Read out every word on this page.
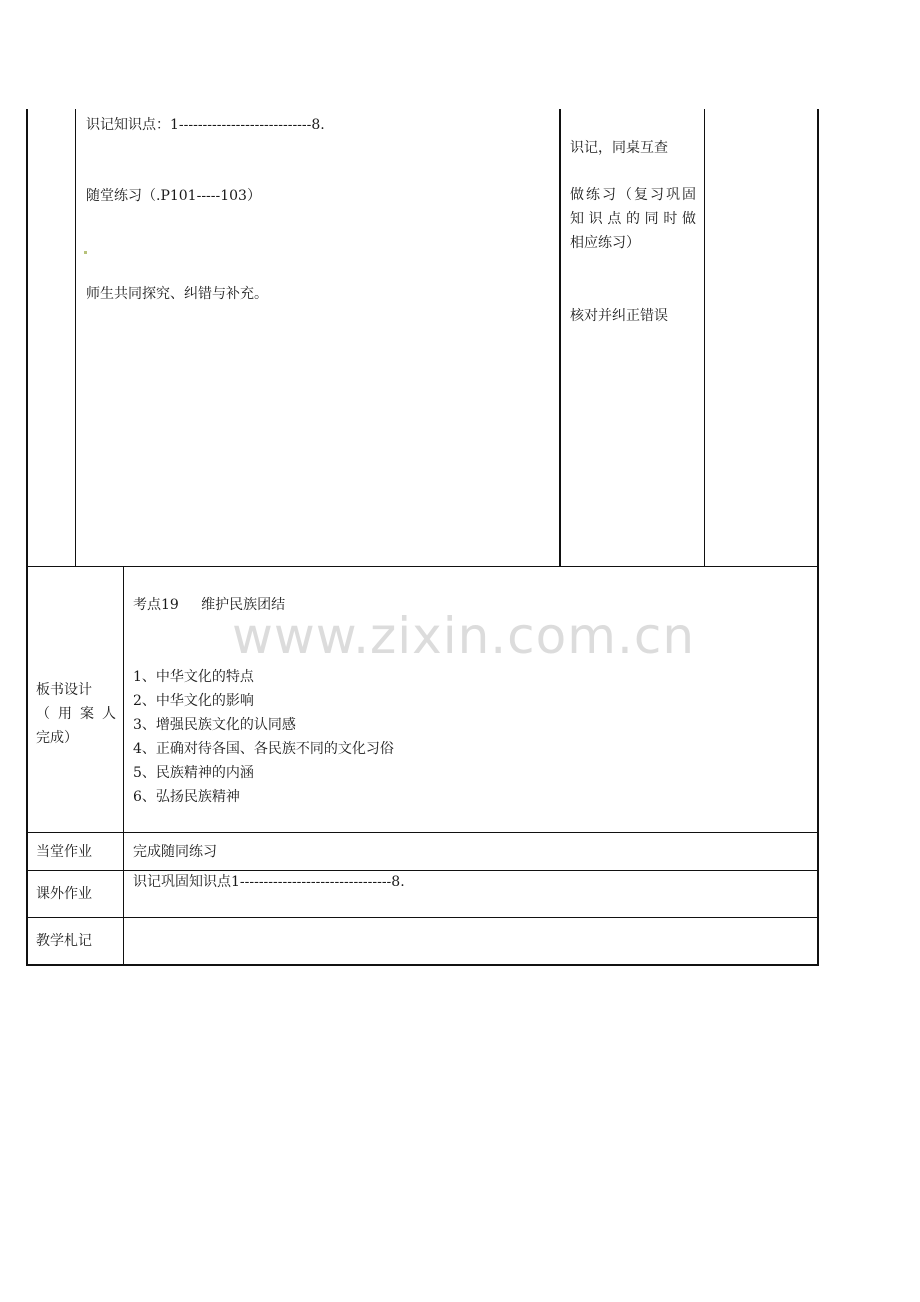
识记知识点：1----------------------------8.
随堂练习（.P101-----103）
师生共同探究、纠错与补充。
识记，同桌互查
做练习（复习巩固
知识点的同时做
相应练习）
核对并纠正错误
板书设计
（用案人
完成）
考点19     维护民族团结
1、中华文化的特点
2、中华文化的影响
3、增强民族文化的认同感
4、正确对待各国、各民族不同的文化习俗
5、民族精神的内涵
6、弘扬民族精神
www.zixin.com.cn
当堂作业	完成随同练习
课外作业
识记巩固知识点1--------------------------------8.
教学札记
